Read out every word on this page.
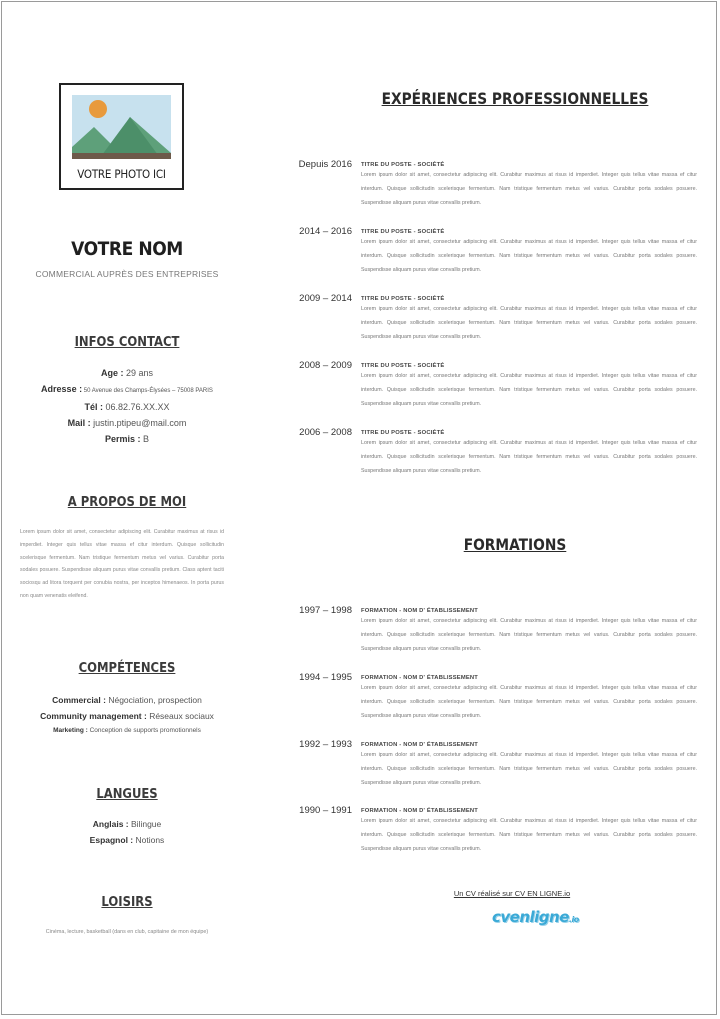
VOTRE PHOTO ICI
VOTRE NOM
COMMERCIAL AUPRÈS DES ENTREPRISES
INFOS CONTACT
Age : 29 ans
Adresse : 50 Avenue des Champs-Élysées – 75008 PARIS
Tél : 06.82.76.XX.XX
Mail : justin.ptipeu@mail.com
Permis : B
A PROPOS DE MOI
Lorem ipsum dolor sit amet, consectetur adipiscing elit. Curabitur maximus at risus id imperdiet. Integer quis tellus vitae massa ef citur interdum. Quisque sollicitudin scelerisque fermentum. Nam tristique fermentum metus vel varius. Curabitur porta sodales posuere. Suspendisse aliquam purus vitae convallis pretium. Class aptent taciti sociosqu ad litora torquent per conubia nostra, per inceptos himenaeos. In porta purus non quam venenatis eleifend.
COMPÉTENCES
Commercial : Négociation, prospection
Community management : Réseaux sociaux
Marketing : Conception de supports promotionnels
LANGUES
Anglais : Bilingue
Espagnol : Notions
LOISIRS
Cinéma, lecture, basketball (dans en club, capitaine de mon équipe)
EXPÉRIENCES PROFESSIONNELLES
Depuis 2016 TITRE DU POSTE - SOCIÉTÉ
Lorem ipsum dolor sit amet, consectetur adipiscing elit. Curabitur maximus at risus id imperdiet. Integer quis tellus vitae massa ef citur interdum. Quisque sollicitudin scelerisque fermentum. Nam tristique fermentum metus vel varius. Curabitur porta sodales posuere. Suspendisse aliquam purus vitae convallis pretium.
2014 – 2016 TITRE DU POSTE - SOCIÉTÉ
Lorem ipsum dolor sit amet, consectetur adipiscing elit. Curabitur maximus at risus id imperdiet. Integer quis tellus vitae massa ef citur interdum. Quisque sollicitudin scelerisque fermentum. Nam tristique fermentum metus vel varius. Curabitur porta sodales posuere. Suspendisse aliquam purus vitae convallis pretium.
2009 – 2014 TITRE DU POSTE - SOCIÉTÉ
Lorem ipsum dolor sit amet, consectetur adipiscing elit. Curabitur maximus at risus id imperdiet. Integer quis tellus vitae massa ef citur interdum. Quisque sollicitudin scelerisque fermentum. Nam tristique fermentum metus vel varius. Curabitur porta sodales posuere. Suspendisse aliquam purus vitae convallis pretium.
2008 – 2009 TITRE DU POSTE - SOCIÉTÉ
Lorem ipsum dolor sit amet, consectetur adipiscing elit. Curabitur maximus at risus id imperdiet. Integer quis tellus vitae massa ef citur interdum. Quisque sollicitudin scelerisque fermentum. Nam tristique fermentum metus vel varius. Curabitur porta sodales posuere. Suspendisse aliquam purus vitae convallis pretium.
2006 – 2008 TITRE DU POSTE - SOCIÉTÉ
Lorem ipsum dolor sit amet, consectetur adipiscing elit. Curabitur maximus at risus id imperdiet. Integer quis tellus vitae massa ef citur interdum. Quisque sollicitudin scelerisque fermentum. Nam tristique fermentum metus vel varius. Curabitur porta sodales posuere. Suspendisse aliquam purus vitae convallis pretium.
FORMATIONS
1997 – 1998 FORMATION - NOM D' ÉTABLISSEMENT
Lorem ipsum dolor sit amet, consectetur adipiscing elit. Curabitur maximus at risus id imperdiet. Integer quis tellus vitae massa ef citur interdum. Quisque sollicitudin scelerisque fermentum. Nam tristique fermentum metus vel varius. Curabitur porta sodales posuere. Suspendisse aliquam purus vitae convallis pretium.
1994 – 1995 FORMATION - NOM D' ÉTABLISSEMENT
Lorem ipsum dolor sit amet, consectetur adipiscing elit. Curabitur maximus at risus id imperdiet. Integer quis tellus vitae massa ef citur interdum. Quisque sollicitudin scelerisque fermentum. Nam tristique fermentum metus vel varius. Curabitur porta sodales posuere. Suspendisse aliquam purus vitae convallis pretium.
1992 – 1993 FORMATION - NOM D' ÉTABLISSEMENT
Lorem ipsum dolor sit amet, consectetur adipiscing elit. Curabitur maximus at risus id imperdiet. Integer quis tellus vitae massa ef citur interdum. Quisque sollicitudin scelerisque fermentum. Nam tristique fermentum metus vel varius. Curabitur porta sodales posuere. Suspendisse aliquam purus vitae convallis pretium.
1990 – 1991 FORMATION - NOM D' ÉTABLISSEMENT
Lorem ipsum dolor sit amet, consectetur adipiscing elit. Curabitur maximus at risus id imperdiet. Integer quis tellus vitae massa ef citur interdum. Quisque sollicitudin scelerisque fermentum. Nam tristique fermentum metus vel varius. Curabitur porta sodales posuere. Suspendisse aliquam purus vitae convallis pretium.
Un CV réalisé sur CV EN LIGNE.io
cvenligne.io
